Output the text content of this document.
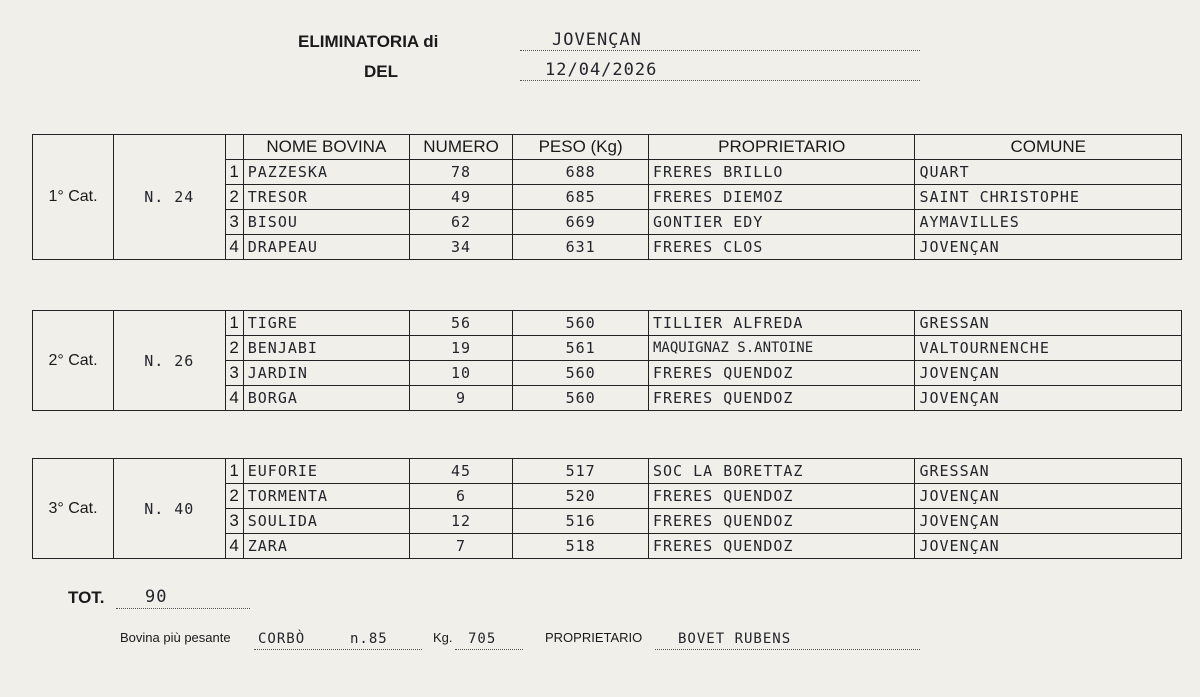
ELIMINATORIA di	JOVENÇAN
DEL	12/04/2026
1° Cat.	N. 24		NOME BOVINA	NUMERO	PESO (Kg)	PROPRIETARIO	COMUNE
		1	PAZZESKA	78	688	FRERES BRILLO	QUART
		2	TRESOR	49	685	FRERES DIEMOZ	SAINT CHRISTOPHE
		3	BISOU	62	669	GONTIER EDY	AYMAVILLES
		4	DRAPEAU	34	631	FRERES CLOS	JOVENÇAN
2° Cat.	N. 26	1	TIGRE	56	560	TILLIER ALFREDA	GRESSAN
		2	BENJABI	19	561	MAQUIGNAZ S.ANTOINE	VALTOURNENCHE
		3	JARDIN	10	560	FRERES QUENDOZ	JOVENÇAN
		4	BORGA	9	560	FRERES QUENDOZ	JOVENÇAN
3° Cat.	N. 40	1	EUFORIE	45	517	SOC LA BORETTAZ	GRESSAN
		2	TORMENTA	6	520	FRERES QUENDOZ	JOVENÇAN
		3	SOULIDA	12	516	FRERES QUENDOZ	JOVENÇAN
		4	ZARA	7	518	FRERES QUENDOZ	JOVENÇAN
TOT. 90
Bovina più pesante CORBÒ	n.85	Kg. 705	PROPRIETARIO	BOVET RUBENS
